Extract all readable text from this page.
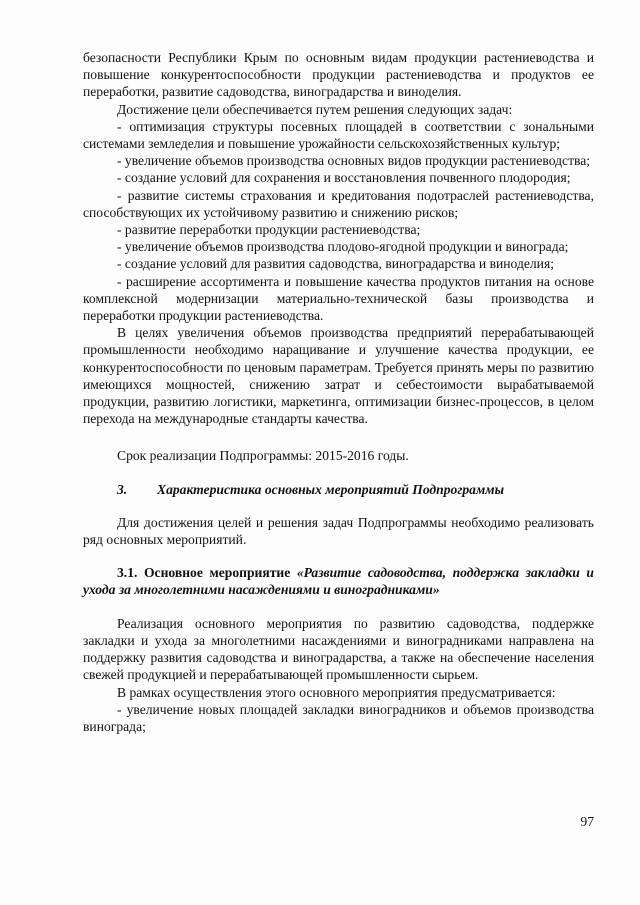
безопасности Республики Крым по основным видам продукции растениеводства и повышение конкурентоспособности продукции растениеводства и продуктов ее переработки, развитие садоводства, виноградарства и виноделия.

Достижение цели обеспечивается путем решения следующих задач:

- оптимизация структуры посевных площадей в соответствии с зональными системами земледелия и повышение урожайности сельскохозяйственных культур;

- увеличение объемов производства основных видов продукции растениеводства;

- создание условий для сохранения и восстановления почвенного плодородия;

- развитие системы страхования и кредитования подотраслей растениеводства, способствующих их устойчивому развитию и снижению рисков;

- развитие переработки продукции растениеводства;

- увеличение объемов производства плодово-ягодной продукции и винограда;

- создание условий для развития садоводства, виноградарства и виноделия;

- расширение ассортимента и повышение качества продуктов питания на основе комплексной модернизации материально-технической базы производства и переработки продукции растениеводства.

В целях увеличения объемов производства предприятий перерабатывающей промышленности необходимо наращивание и улучшение качества продукции, ее конкурентоспособности по ценовым параметрам. Требуется принять меры по развитию имеющихся мощностей, снижению затрат и себестоимости вырабатываемой продукции, развитию логистики, маркетинга, оптимизации бизнес-процессов, в целом перехода на международные стандарты качества.

Срок реализации Подпрограммы: 2015-2016 годы.

3.	Характеристика основных мероприятий Подпрограммы

Для достижения целей и решения задач Подпрограммы необходимо реализовать ряд основных мероприятий.

3.1. Основное мероприятие «Развитие садоводства, поддержка закладки и ухода за многолетними насаждениями и виноградниками»

Реализация основного мероприятия по развитию садоводства, поддержке закладки и ухода за многолетними насаждениями и виноградниками направлена на поддержку развития садоводства и виноградарства, а также на обеспечение населения свежей продукцией и перерабатывающей промышленности сырьем.

В рамках осуществления этого основного мероприятия предусматривается:

- увеличение новых площадей закладки виноградников и объемов производства винограда;

97
